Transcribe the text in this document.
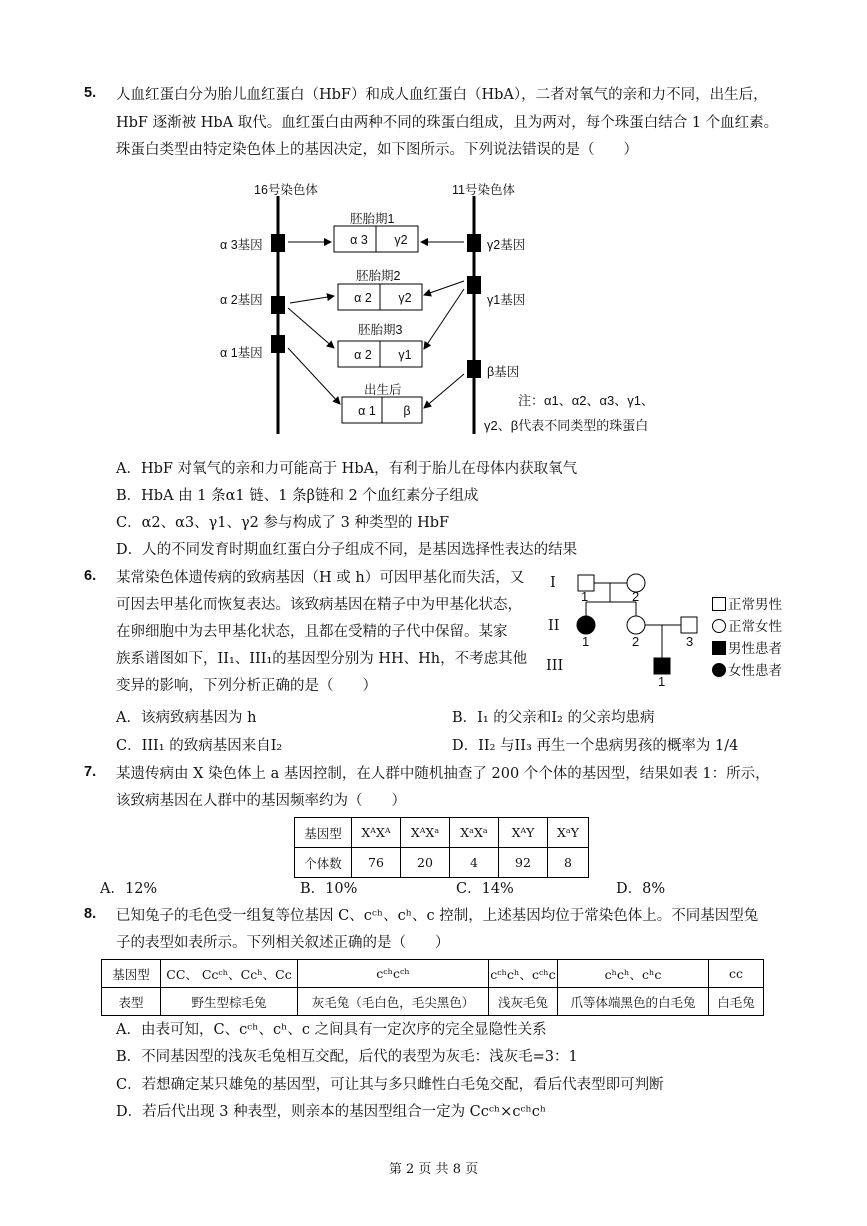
5. 人血红蛋白分为胎儿血红蛋白（HbF）和成人血红蛋白（HbA），二者对氧气的亲和力不同，出生后，
HbF 逐渐被 HbA 取代。血红蛋白由两种不同的珠蛋白组成，且为两对，每个珠蛋白结合 1 个血红素。
珠蛋白类型由特定染色体上的基因决定，如下图所示。下列说法错误的是（　　）
16号染色体	11号染色体
α 3基因
α 2基因
α 1基因
γ2基因
γ1基因
β基因
胚胎期1
胚胎期2
胚胎期3
出生后
α 3	γ2
α 2	γ2
α 2	γ1
α 1	β
注：α1、α2、α3、γ1、
γ2、β代表不同类型的珠蛋白
A．HbF 对氧气的亲和力可能高于 HbA，有利于胎儿在母体内获取氧气
B．HbA 由 1 条α1 链、1 条β链和 2 个血红素分子组成
C．α2、α3、γ1、γ2 参与构成了 3 种类型的 HbF
D．人的不同发育时期血红蛋白分子组成不同，是基因选择性表达的结果
6. 某常染色体遗传病的致病基因（H 或 h）可因甲基化而失活，又
可因去甲基化而恢复表达。该致病基因在精子中为甲基化状态，
在卵细胞中为去甲基化状态，且都在受精的子代中保留。某家
族系谱图如下，II₁、III₁的基因型分别为 HH、Hh，不考虑其他
变异的影响，下列分析正确的是（　　）
I
II
III
1	2
1	2	3
1
正常男性
正常女性
男性患者
女性患者
A．该病致病基因为 h	B．I₁ 的父亲和I₂ 的父亲均患病
C．III₁ 的致病基因来自I₂	D．II₂ 与II₃ 再生一个患病男孩的概率为 1/4
7. 某遗传病由 X 染色体上 a 基因控制，在人群中随机抽查了 200 个个体的基因型，结果如表 1：所示，
该致病基因在人群中的基因频率约为（　　）
基因型	XᴬXᴬ	XᴬXᵃ	XᵃXᵃ	XᴬY	XᵃY
个体数	76	20	4	92	8
A．12%	B．10%	C．14%	D．8%
8. 已知兔子的毛色受一组复等位基因 C、cᶜʰ、cʰ、c 控制，上述基因均位于常染色体上。不同基因型兔
子的表型如表所示。下列相关叙述正确的是（　　）
基因型	CC、 Ccᶜʰ、Ccʰ、Cc	cᶜʰcᶜʰ	cᶜʰcʰ、cᶜʰc	cʰcʰ、cʰc	cc
表型	野生型棕毛兔	灰毛兔（毛白色，毛尖黑色）	浅灰毛兔	爪等体端黑色的白毛兔	白毛兔
A．由表可知，C、cᶜʰ、cʰ、c 之间具有一定次序的完全显隐性关系
B．不同基因型的浅灰毛兔相互交配，后代的表型为灰毛：浅灰毛=3：1
C．若想确定某只雄兔的基因型，可让其与多只雌性白毛兔交配，看后代表型即可判断
D．若后代出现 3 种表型，则亲本的基因型组合一定为 Ccᶜʰ×cᶜʰcʰ
第 2 页 共 8 页
